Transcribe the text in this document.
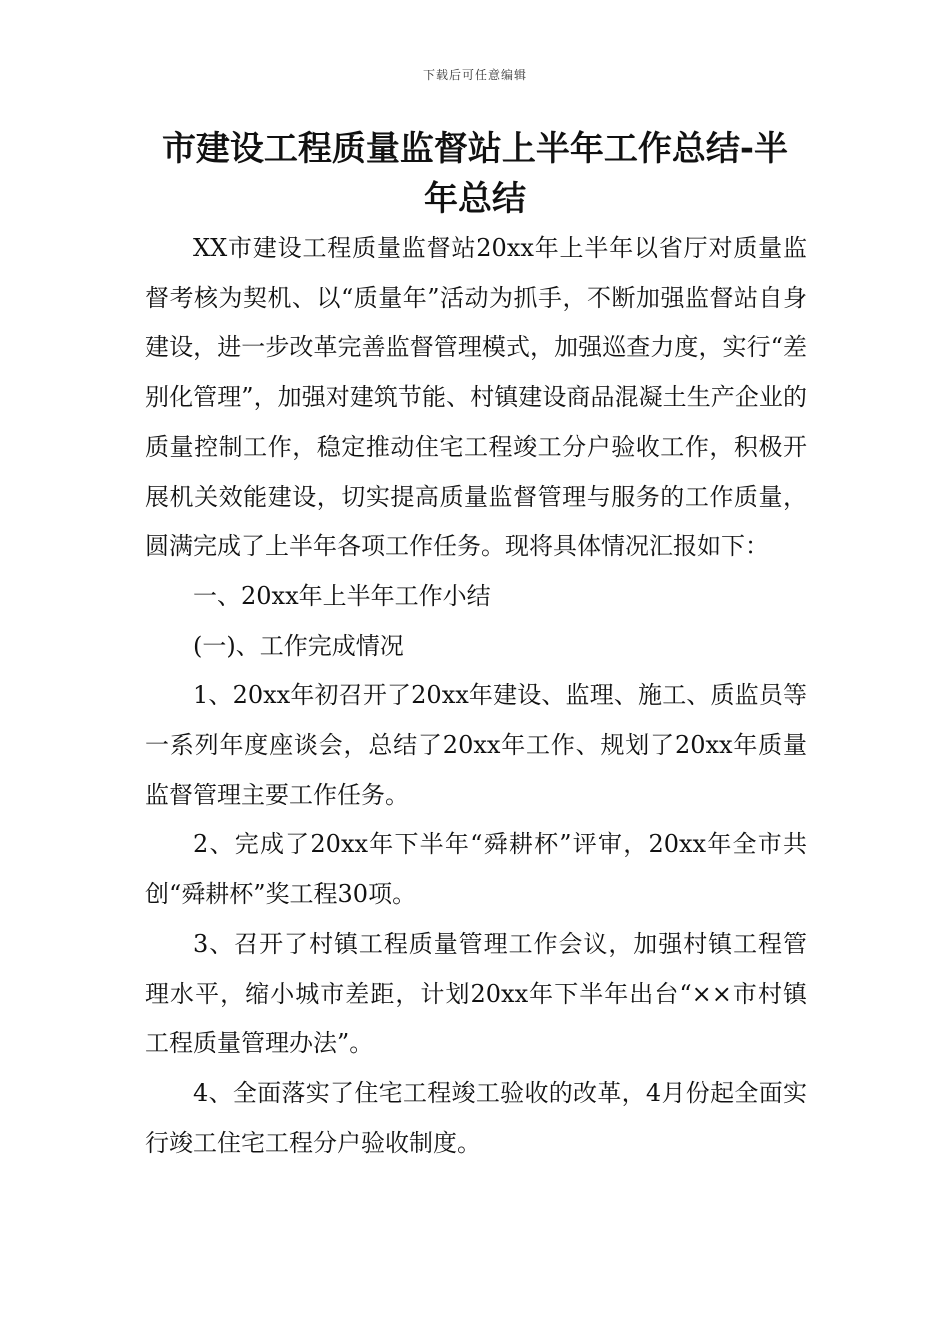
下载后可任意编辑
市建设工程质量监督站上半年工作总结-半年总结

XX市建设工程质量监督站20xx年上半年以省厅对质量监督考核为契机、以“质量年”活动为抓手，不断加强监督站自身建设，进一步改革完善监督管理模式，加强巡查力度，实行“差别化管理”，加强对建筑节能、村镇建设商品混凝土生产企业的质量控制工作，稳定推动住宅工程竣工分户验收工作，积极开展机关效能建设，切实提高质量监督管理与服务的工作质量，圆满完成了上半年各项工作任务。现将具体情况汇报如下：

一、20xx年上半年工作小结

(一)、工作完成情况

1、20xx年初召开了20xx年建设、监理、施工、质监员等一系列年度座谈会，总结了20xx年工作、规划了20xx年质量监督管理主要工作任务。

2、完成了20xx年下半年“舜耕杯”评审，20xx年全市共创“舜耕杯”奖工程30项。

3、召开了村镇工程质量管理工作会议，加强村镇工程管理水平，缩小城市差距，计划20xx年下半年出台“××市村镇工程质量管理办法”。

4、全面落实了住宅工程竣工验收的改革，4月份起全面实行竣工住宅工程分户验收制度。
